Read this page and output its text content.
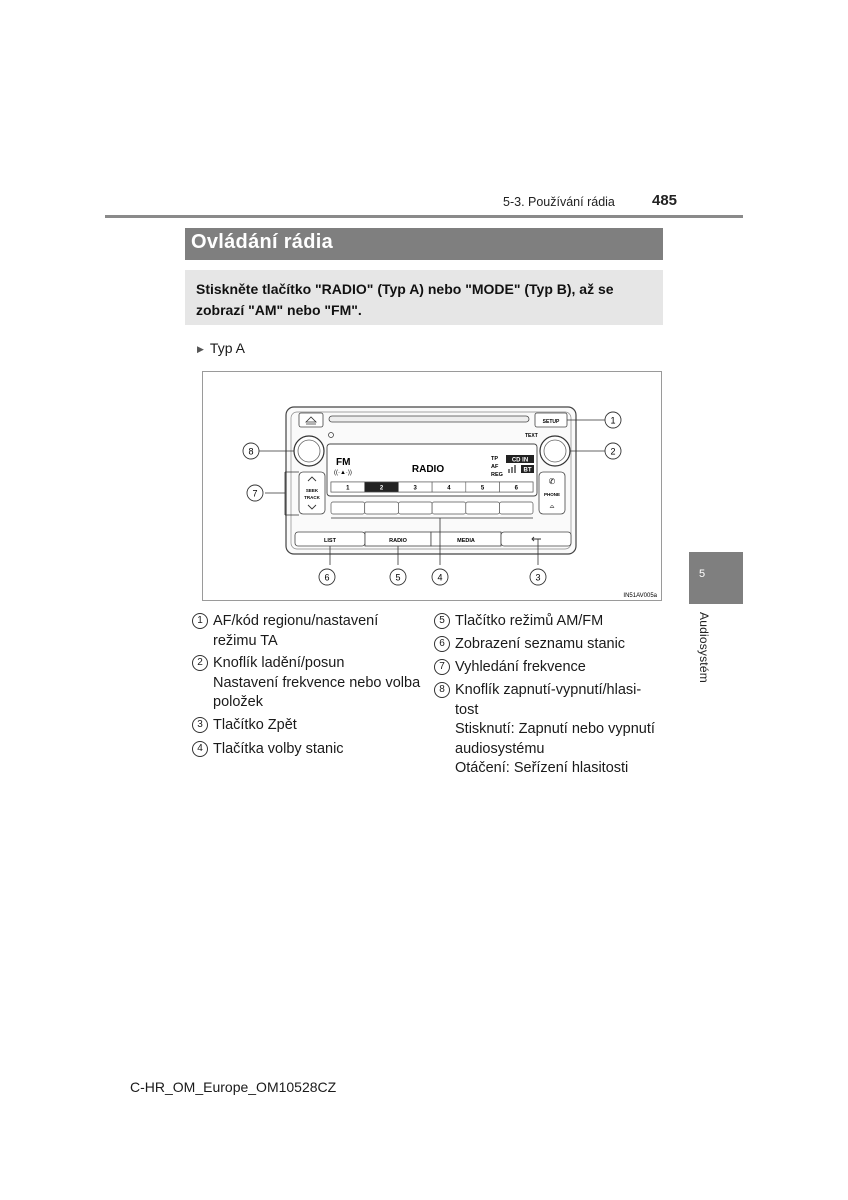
5-3. Používání rádia 485
Ovládání rádia
Stiskněte tlačítko "RADIO" (Typ A) nebo "MODE" (Typ B), až se zobrazí "AM" nebo "FM".
▶ Typ A
SETUP
TEXT
FM
((·▲·))	RADIO
TP
AF
REG
CD IN
BT
1	2	3	4	5	6
SEEK
TRACK
✆
PHONE
⌓
LIST	RADIO	MEDIA
1
2
3
4
5
6
7
8
IN51AV005a
1 AF/kód regionu/nastavení
režimu TA
2 Knoflík ladění/posun
Nastavení frekvence nebo volba
položek
3 Tlačítko Zpět
4 Tlačítka volby stanic
5 Tlačítko režimů AM/FM
6 Zobrazení seznamu stanic
7 Vyhledání frekvence
8 Knoflík zapnutí-vypnutí/hlasi-
tost
Stisknutí: Zapnutí nebo vypnutí
audiosystému
Otáčení: Seřízení hlasitosti
5
Audiosystém
C-HR_OM_Europe_OM10528CZ
